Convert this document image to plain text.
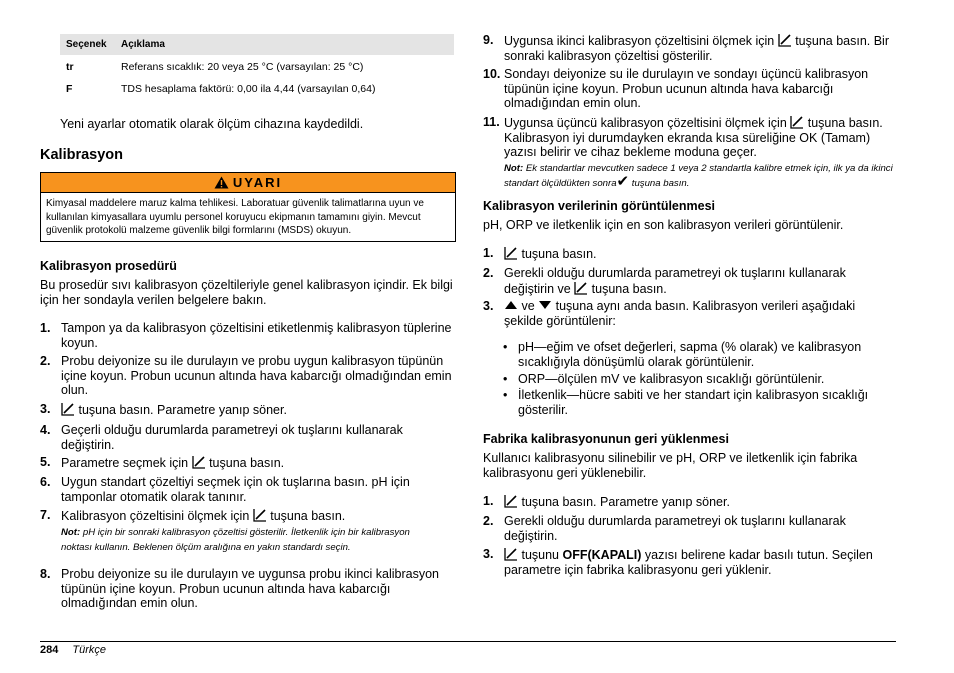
Seçenek	Açıklama
tr	Referans sıcaklık: 20 veya 25 °C (varsayılan: 25 °C)
F	TDS hesaplama faktörü: 0,00 ila 4,44 (varsayılan 0,64)

Yeni ayarlar otomatik olarak ölçüm cihazına kaydedildi.

Kalibrasyon
UYARI
Kimyasal maddelere maruz kalma tehlikesi. Laboratuar güvenlik talimatlarına uyun ve kullanılan kimyasallara uyumlu personel koruyucu ekipmanın tamamını giyin. Mevcut güvenlik protokolü malzeme güvenlik bilgi formlarını (MSDS) okuyun.
Kalibrasyon prosedürü

Bu prosedür sıvı kalibrasyon çözeltileriyle genel kalibrasyon içindir. Ek bilgi için her sondayla verilen belgelere bakın.

1. Tampon ya da kalibrasyon çözeltisini etiketlenmiş kalibrasyon tüplerine koyun.
2. Probu deiyonize su ile durulayın ve probu uygun kalibrasyon tüpünün içine koyun. Probun ucunun altında hava kabarcığı olmadığından emin olun.
3.	tuşuna basın. Parametre yanıp söner.
4. Geçerli olduğu durumlarda parametreyi ok tuşlarını kullanarak değiştirin.
5. Parametre seçmek için  tuşuna basın.
6. Uygun standart çözeltiyi seçmek için ok tuşlarına basın. pH için tamponlar otomatik olarak tanınır.
7. Kalibrasyon çözeltisini ölçmek için  tuşuna basın.
Not: pH için bir sonraki kalibrasyon çözeltisi gösterilir. İletkenlik için bir kalibrasyon noktası kullanın. Beklenen ölçüm aralığına en yakın standardı seçin.
8. Probu deiyonize su ile durulayın ve uygunsa probu ikinci kalibrasyon tüpünün içine koyun. Probun ucunun altında hava kabarcığı olmadığından emin olun.
9. Uygunsa ikinci kalibrasyon çözeltisini ölçmek için  tuşuna basın. Bir sonraki kalibrasyon çözeltisi gösterilir.
10. Sondayı deiyonize su ile durulayın ve sondayı üçüncü kalibrasyon tüpünün içine koyun. Probun ucunun altında hava kabarcığı olmadığından emin olun.
11. Uygunsa üçüncü kalibrasyon çözeltisini ölçmek için  tuşuna basın. Kalibrasyon iyi durumdayken ekranda kısa süreliğine OK (Tamam) yazısı belirir ve cihaz bekleme moduna geçer.
Not: Ek standartlar mevcutken sadece 1 veya 2 standartla kalibre etmek için, ilk ya da ikinci standart ölçüldükten sonra✔ tuşuna basın.
Kalibrasyon verilerinin görüntülenmesi

pH, ORP ve iletkenlik için en son kalibrasyon verileri görüntülenir.

1.	tuşuna basın.
2. Gerekli olduğu durumlarda parametreyi ok tuşlarını kullanarak değiştirin ve  tuşuna basın.
3.	ve  tuşuna aynı anda basın. Kalibrasyon verileri aşağıdaki şekilde görüntülenir:
• pH—eğim ve ofset değerleri, sapma (% olarak) ve kalibrasyon sıcaklığıyla dönüşümlü olarak görüntülenir.
• ORP—ölçülen mV ve kalibrasyon sıcaklığı görüntülenir.
• İletkenlik—hücre sabiti ve her standart için kalibrasyon sıcaklığı gösterilir.
Fabrika kalibrasyonunun geri yüklenmesi

Kullanıcı kalibrasyonu silinebilir ve pH, ORP ve iletkenlik için fabrika kalibrasyonu geri yüklenebilir.

1.	tuşuna basın. Parametre yanıp söner.
2. Gerekli olduğu durumlarda parametreyi ok tuşlarını kullanarak değiştirin.
3.	tuşunu OFF(KAPALI) yazısı belirene kadar basılı tutun. Seçilen parametre için fabrika kalibrasyonu geri yüklenir.
284 Türkçe
